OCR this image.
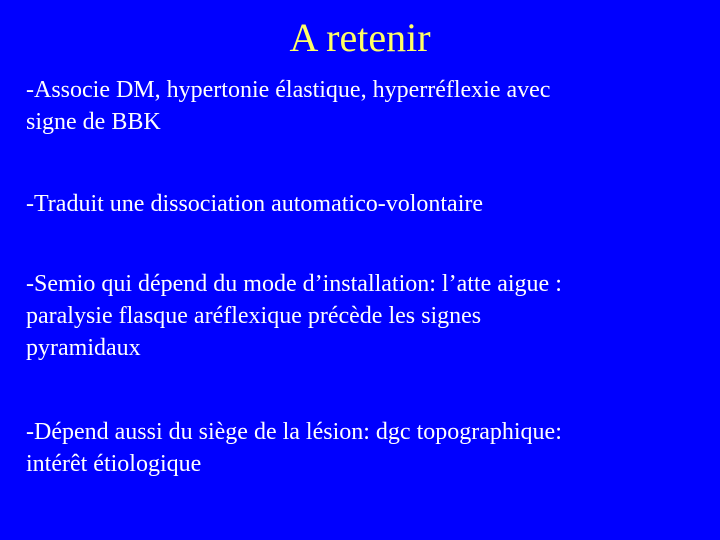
A retenir
-Associe DM, hypertonie élastique, hyperréflexie avec
signe de BBK
-Traduit une dissociation automatico-volontaire
-Semio qui dépend du mode d’installation: l’atte aigue :
paralysie flasque aréflexique précède les signes
pyramidaux
-Dépend aussi du siège de la lésion: dgc topographique:
intérêt étiologique
